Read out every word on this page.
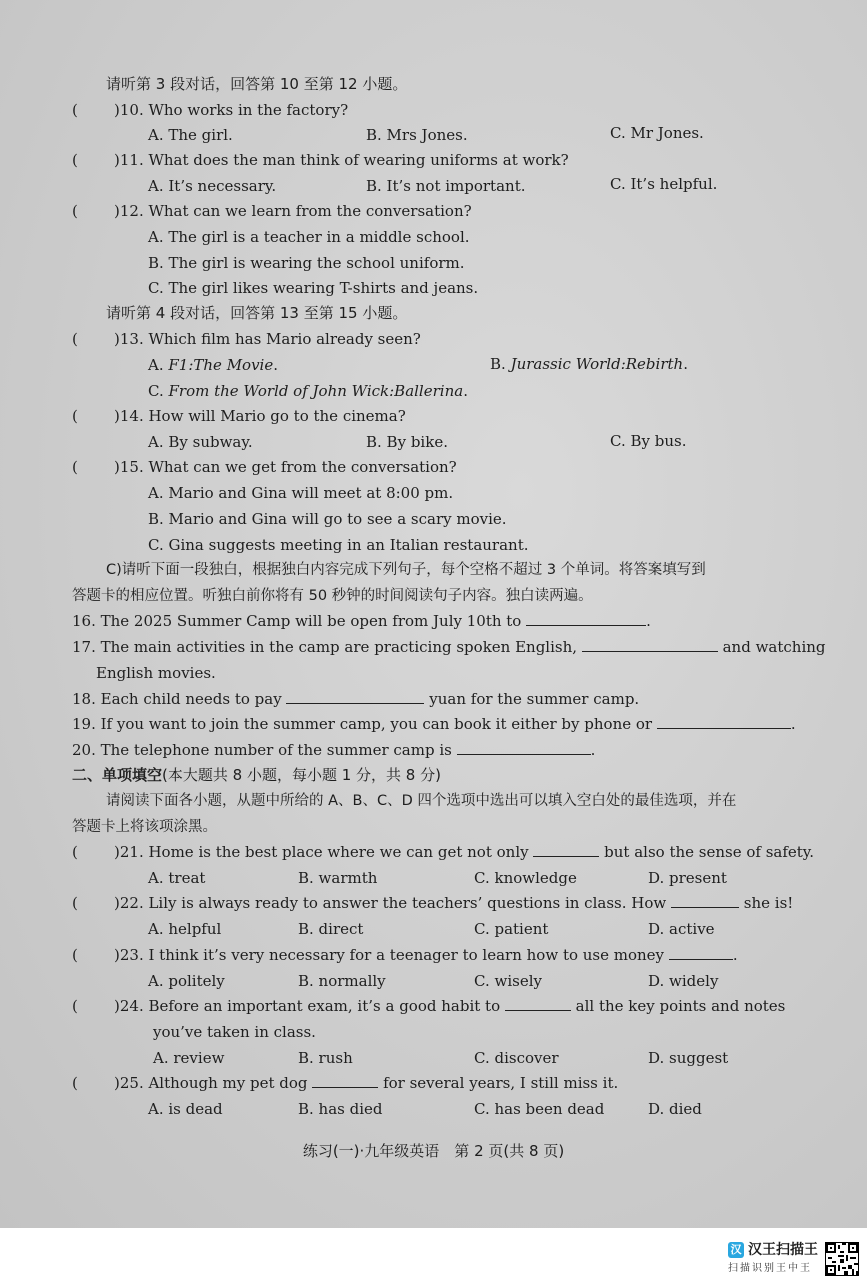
请听第 3 段对话，回答第 10 至第 12 小题。
( )10. Who works in the factory?
A. The girl.	B. Mrs Jones.	C. Mr Jones.
( )11. What does the man think of wearing uniforms at work?
A. It’s necessary.	B. It’s not important.	C. It’s helpful.
( )12. What can we learn from the conversation?
A. The girl is a teacher in a middle school.
B. The girl is wearing the school uniform.
C. The girl likes wearing T-shirts and jeans.
请听第 4 段对话，回答第 13 至第 15 小题。
( )13. Which film has Mario already seen?
A. F1:The Movie.	B. Jurassic World:Rebirth.
C. From the World of John Wick:Ballerina.
( )14. How will Mario go to the cinema?
A. By subway.	B. By bike.	C. By bus.
( )15. What can we get from the conversation?
A. Mario and Gina will meet at 8:00 pm.
B. Mario and Gina will go to see a scary movie.
C. Gina suggests meeting in an Italian restaurant.
C)请听下面一段独白，根据独白内容完成下列句子，每个空格不超过 3 个单词。将答案填写到
答题卡的相应位置。听独白前你将有 50 秒钟的时间阅读句子内容。独白读两遍。
16. The 2025 Summer Camp will be open from July 10th to	.
17. The main activities in the camp are practicing spoken English,	and watching
English movies.
18. Each child needs to pay	yuan for the summer camp.
19. If you want to join the summer camp, you can book it either by phone or	.
20. The telephone number of the summer camp is	.
二、单项填空(本大题共 8 小题，每小题 1 分，共 8 分)
请阅读下面各小题，从题中所给的 A、B、C、D 四个选项中选出可以填入空白处的最佳选项，并在
答题卡上将该项涂黑。
( )21. Home is the best place where we can get not only	but also the sense of safety.
A. treat	B. warmth	C. knowledge	D. present
( )22. Lily is always ready to answer the teachers’ questions in class. How	she is!
A. helpful	B. direct	C. patient	D. active
( )23. I think it’s very necessary for a teenager to learn how to use money	.
A. politely	B. normally	C. wisely	D. widely
( )24. Before an important exam, it’s a good habit to	all the key points and notes
you’ve taken in class.
A. review	B. rush	C. discover	D. suggest
( )25. Although my pet dog	for several years, I still miss it.
A. is dead	B. has died	C. has been dead	D. died
练习(一)·九年级英语　第 2 页(共 8 页)
汉 汉王扫描王
扫描识别王中王
